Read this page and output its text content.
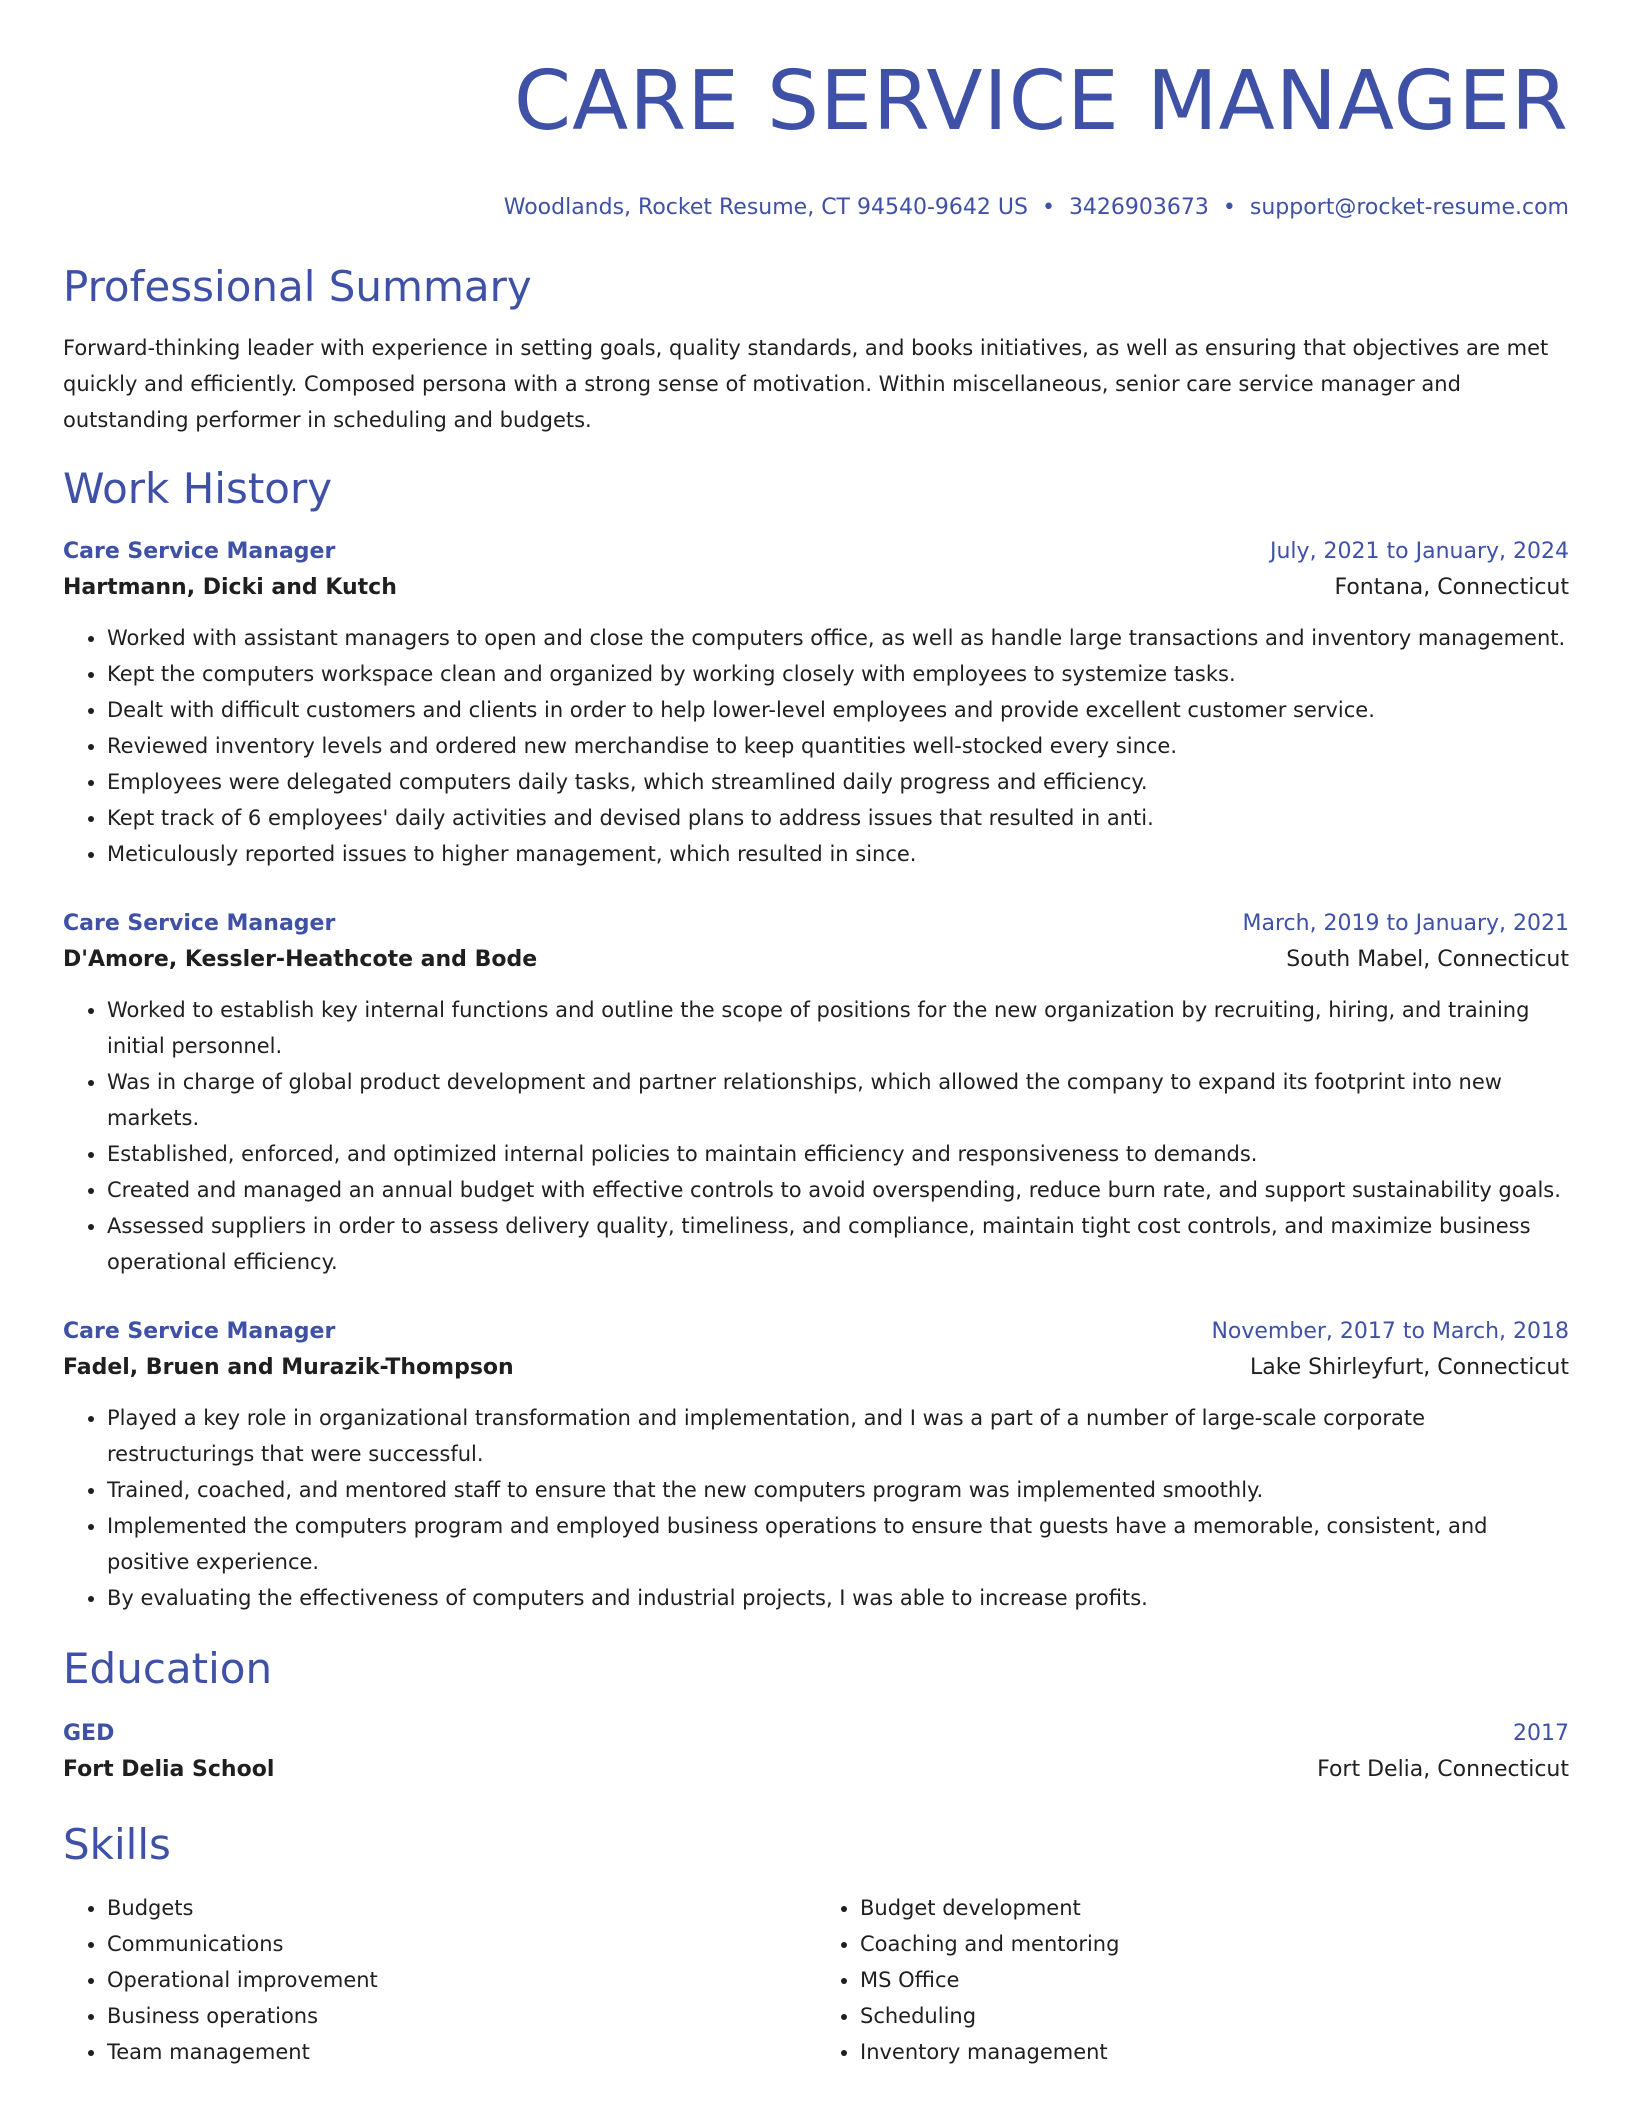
CARE SERVICE MANAGER
Woodlands, Rocket Resume, CT 94540-9642 US • 3426903673 • support@rocket-resume.com
Professional Summary

Forward-thinking leader with experience in setting goals, quality standards, and books initiatives, as well as ensuring that objectives are met quickly and efficiently. Composed persona with a strong sense of motivation. Within miscellaneous, senior care service manager and outstanding performer in scheduling and budgets.

Work History
Care Service Manager	July, 2021 to January, 2024
Hartmann, Dicki and Kutch	Fontana, Connecticut
• Worked with assistant managers to open and close the computers office, as well as handle large transactions and inventory management.
• Kept the computers workspace clean and organized by working closely with employees to systemize tasks.
• Dealt with difficult customers and clients in order to help lower-level employees and provide excellent customer service.
• Reviewed inventory levels and ordered new merchandise to keep quantities well-stocked every since.
• Employees were delegated computers daily tasks, which streamlined daily progress and efficiency.
• Kept track of 6 employees' daily activities and devised plans to address issues that resulted in anti.
• Meticulously reported issues to higher management, which resulted in since.
Care Service Manager	March, 2019 to January, 2021
D'Amore, Kessler-Heathcote and Bode	South Mabel, Connecticut
• Worked to establish key internal functions and outline the scope of positions for the new organization by recruiting, hiring, and training initial personnel.
• Was in charge of global product development and partner relationships, which allowed the company to expand its footprint into new markets.
• Established, enforced, and optimized internal policies to maintain efficiency and responsiveness to demands.
• Created and managed an annual budget with effective controls to avoid overspending, reduce burn rate, and support sustainability goals.
• Assessed suppliers in order to assess delivery quality, timeliness, and compliance, maintain tight cost controls, and maximize business operational efficiency.
Care Service Manager	November, 2017 to March, 2018
Fadel, Bruen and Murazik-Thompson	Lake Shirleyfurt, Connecticut
• Played a key role in organizational transformation and implementation, and I was a part of a number of large-scale corporate restructurings that were successful.
• Trained, coached, and mentored staff to ensure that the new computers program was implemented smoothly.
• Implemented the computers program and employed business operations to ensure that guests have a memorable, consistent, and positive experience.
• By evaluating the effectiveness of computers and industrial projects, I was able to increase profits.
Education
GED	2017
Fort Delia School	Fort Delia, Connecticut
Skills
• Budgets
• Communications
• Operational improvement
• Business operations
• Team management
• Budget development
• Coaching and mentoring
• MS Office
• Scheduling
• Inventory management
